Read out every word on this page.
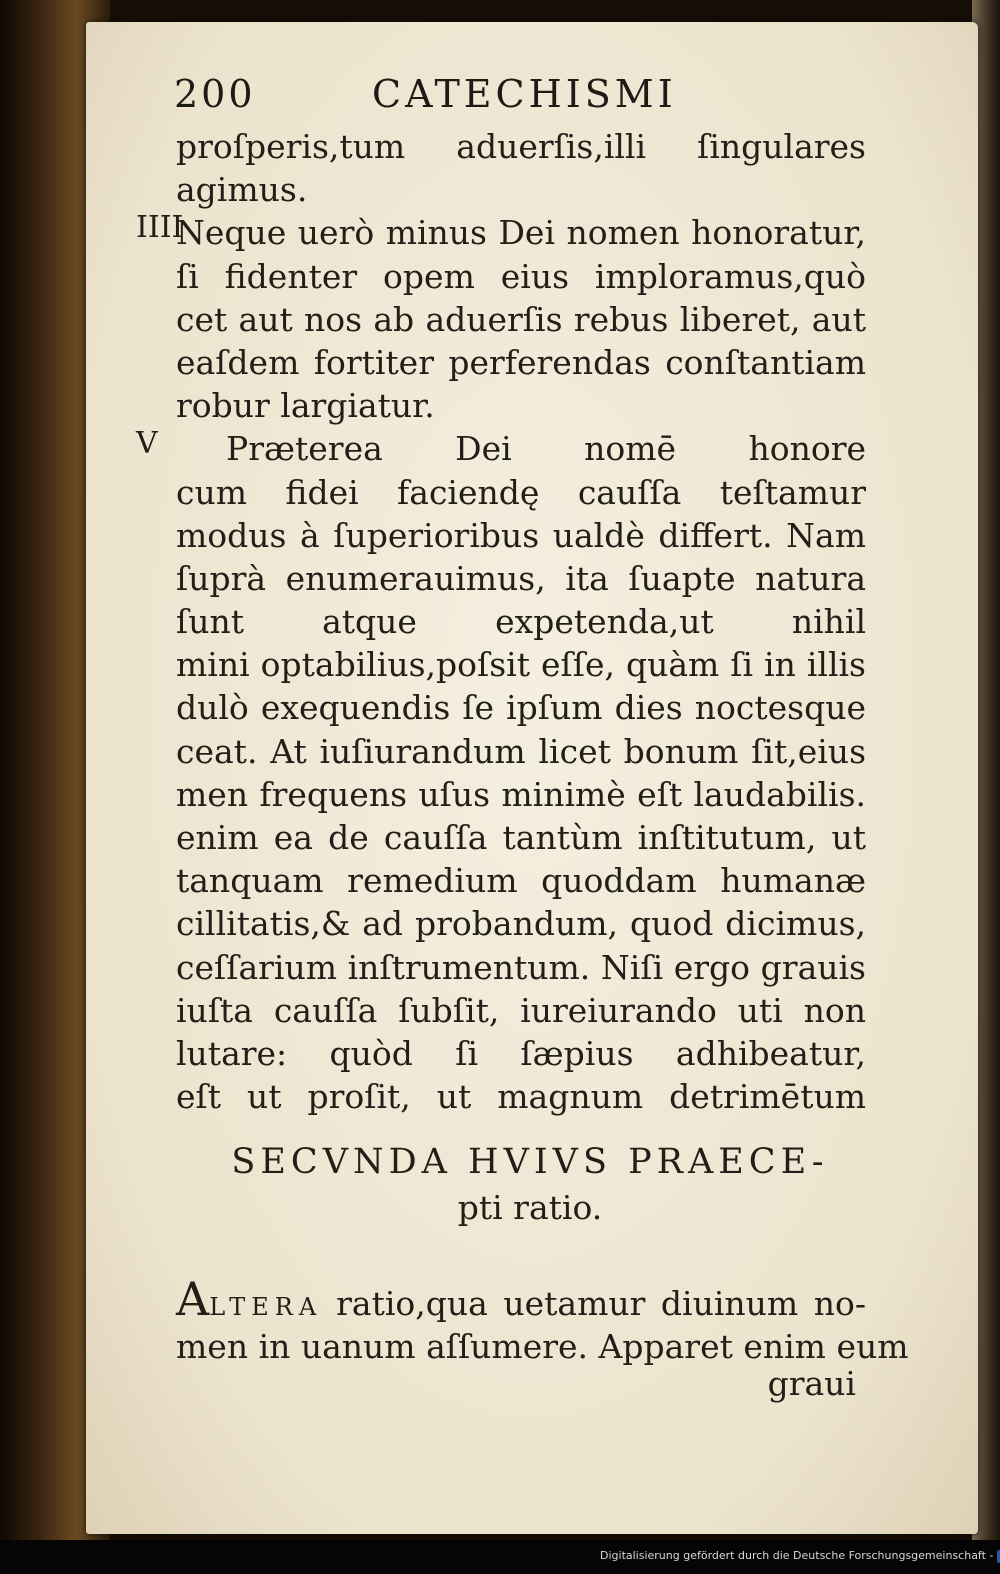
200	CATECHISMI
proſperis,tum aduerſis,illi ſingulares
agimus.
Neque uerò minus Dei nomen honoratur,
ſi fidenter opem eius imploramus,quò
cet aut nos ab aduerſis rebus liberet, aut
eaſdem fortiter perferendas conſtantiam
robur largiatur.
Præterea Dei nomē honore
cum fidei faciendę cauſſa teſtamur
modus à ſuperioribus ualdè differt. Nam
ſuprà enumerauimus, ita ſuapte natura
ſunt atque expetenda,ut nihil
mini optabilius,poſsit eſſe, quàm ſi in illis
dulò exequendis ſe ipſum dies noctesque
ceat. At iuſiurandum licet bonum ſit,eius
men frequens uſus minimè eſt laudabilis.
enim ea de cauſſa tantùm inſtitutum, ut
tanquam remedium quoddam humanæ
cillitatis,& ad probandum, quod dicimus,
ceſſarium inſtrumentum. Niſi ergo grauis
iuſta cauſſa ſubſit, iureiurando uti non
lutare: quòd ſi ſæpius adhibeatur,
eſt ut proſit, ut magnum detrimētum
IIII
V
SECVNDA HVIVS PRAECE-
pti ratio.
ALTERA ratio,qua uetamur diuinum no-
men in uanum aſſumere. Apparet enim eum
graui
Digitalisierung gefördert durch die Deutsche Forschungsgemeinschaft -
